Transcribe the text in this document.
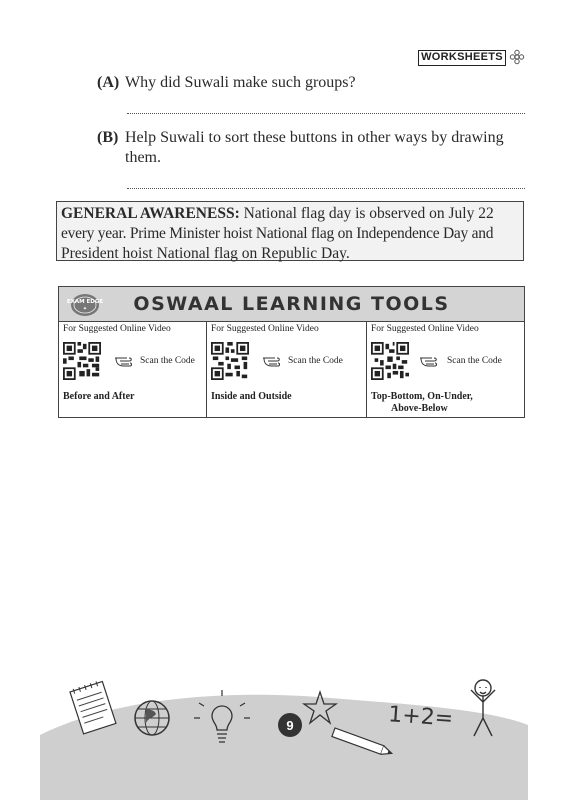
WORKSHEETS
(A) Why did Suwali make such groups?
(B) Help Suwali to sort these buttons in other ways by drawing
them.
GENERAL AWARENESS: National flag day is observed on July 22
every year. Prime Minister hoist National flag on Independence Day and
President hoist National flag on Republic Day.
EXAM EDGE
✦	OSWAAL LEARNING TOOLS
For Suggested Online Video
Scan the Code
Before and After
For Suggested Online Video
Scan the Code
Inside and Outside
For Suggested Online Video
Scan the Code
Top-Bottom, On-Under,
Above-Below
9	1+2=
